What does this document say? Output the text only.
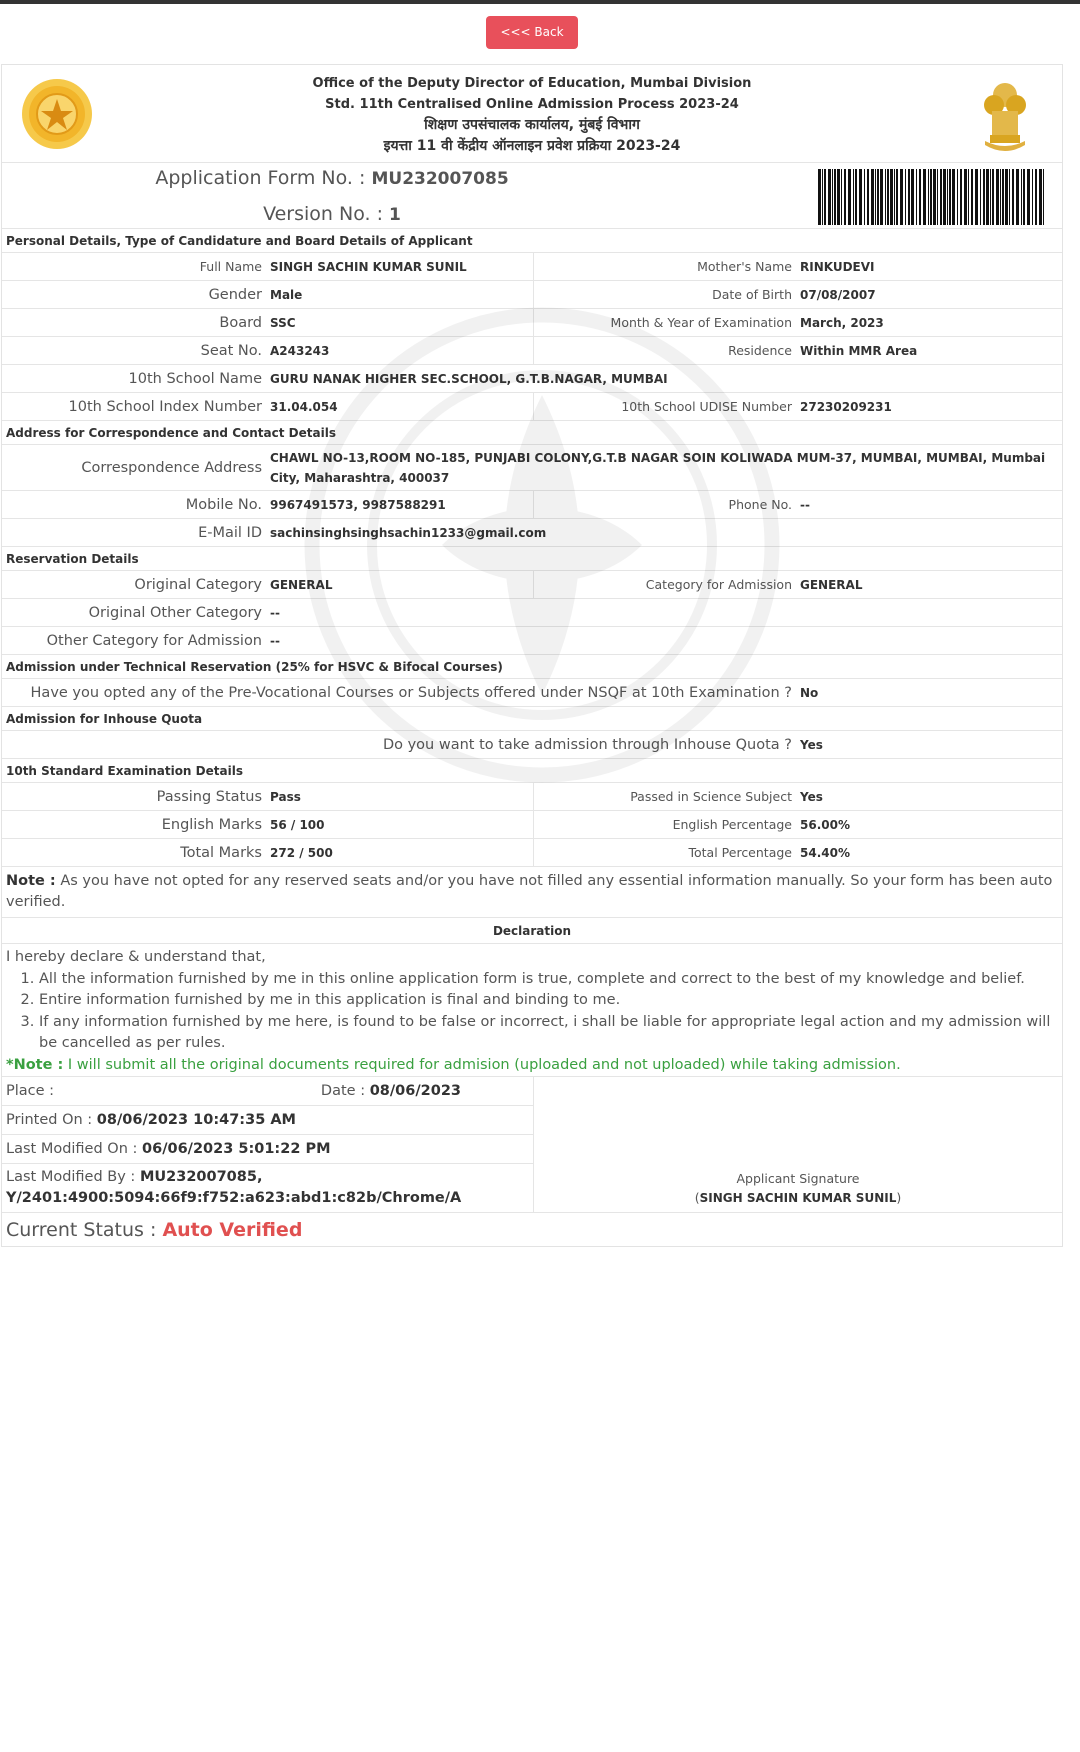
<<< Back
Office of the Deputy Director of Education, Mumbai Division
Std. 11th Centralised Online Admission Process 2023-24
शिक्षण उपसंचालक कार्यालय, मुंबई विभाग
इयत्ता 11 वी केंद्रीय ऑनलाइन प्रवेश प्रक्रिया 2023-24
Application Form No. : MU232007085
Version No. : 1
Personal Details, Type of Candidature and Board Details of Applicant
Full Name SINGH SACHIN KUMAR SUNIL	Mother's Name RINKUDEVI
Gender Male	Date of Birth 07/08/2007
Board SSC	Month & Year of Examination March, 2023
Seat No. A243243	Residence Within MMR Area
10th School Name GURU NANAK HIGHER SEC.SCHOOL, G.T.B.NAGAR, MUMBAI
10th School Index Number 31.04.054	10th School UDISE Number 27230209231
Address for Correspondence and Contact Details
Correspondence Address
CHAWL NO-13,ROOM NO-185, PUNJABI COLONY,G.T.B NAGAR SOIN KOLIWADA MUM-37, MUMBAI, MUMBAI, Mumbai City, Maharashtra, 400037
Mobile No. 9967491573, 9987588291	Phone No. --
E-Mail ID sachinsinghsinghsachin1233@gmail.com
Reservation Details
Original Category GENERAL	Category for Admission GENERAL
Original Other Category --
Other Category for Admission --
Admission under Technical Reservation (25% for HSVC & Bifocal Courses)
Have you opted any of the Pre-Vocational Courses or Subjects offered under NSQF at 10th Examination ? No
Admission for Inhouse Quota
Do you want to take admission through Inhouse Quota ? Yes
10th Standard Examination Details
Passing Status Pass	Passed in Science Subject Yes
English Marks 56 / 100	English Percentage 56.00%
Total Marks 272 / 500	Total Percentage 54.40%
Note : As you have not opted for any reserved seats and/or you have not filled any essential information manually. So your form has been auto verified.
Declaration
I hereby declare & understand that,
1. All the information furnished by me in this online application form is true, complete and correct to the best of my knowledge and belief.
2. Entire information furnished by me in this application is final and binding to me.
3. If any information furnished by me here, is found to be false or incorrect, i shall be liable for appropriate legal action and my admission will be cancelled as per rules.
*Note : I will submit all the original documents required for admision (uploaded and not uploaded) while taking admission.
Place :	Date : 08/06/2023
Printed On :
08/06/2023 10:47:35 AM
Last Modified On :
06/06/2023 5:01:22 PM
Last Modified By : MU232007085,
Y/2401:4900:5094:66f9:f752:a623:abd1:c82b/Chrome/A
Applicant Signature
(SINGH SACHIN KUMAR SUNIL)
Current Status : Auto Verified
